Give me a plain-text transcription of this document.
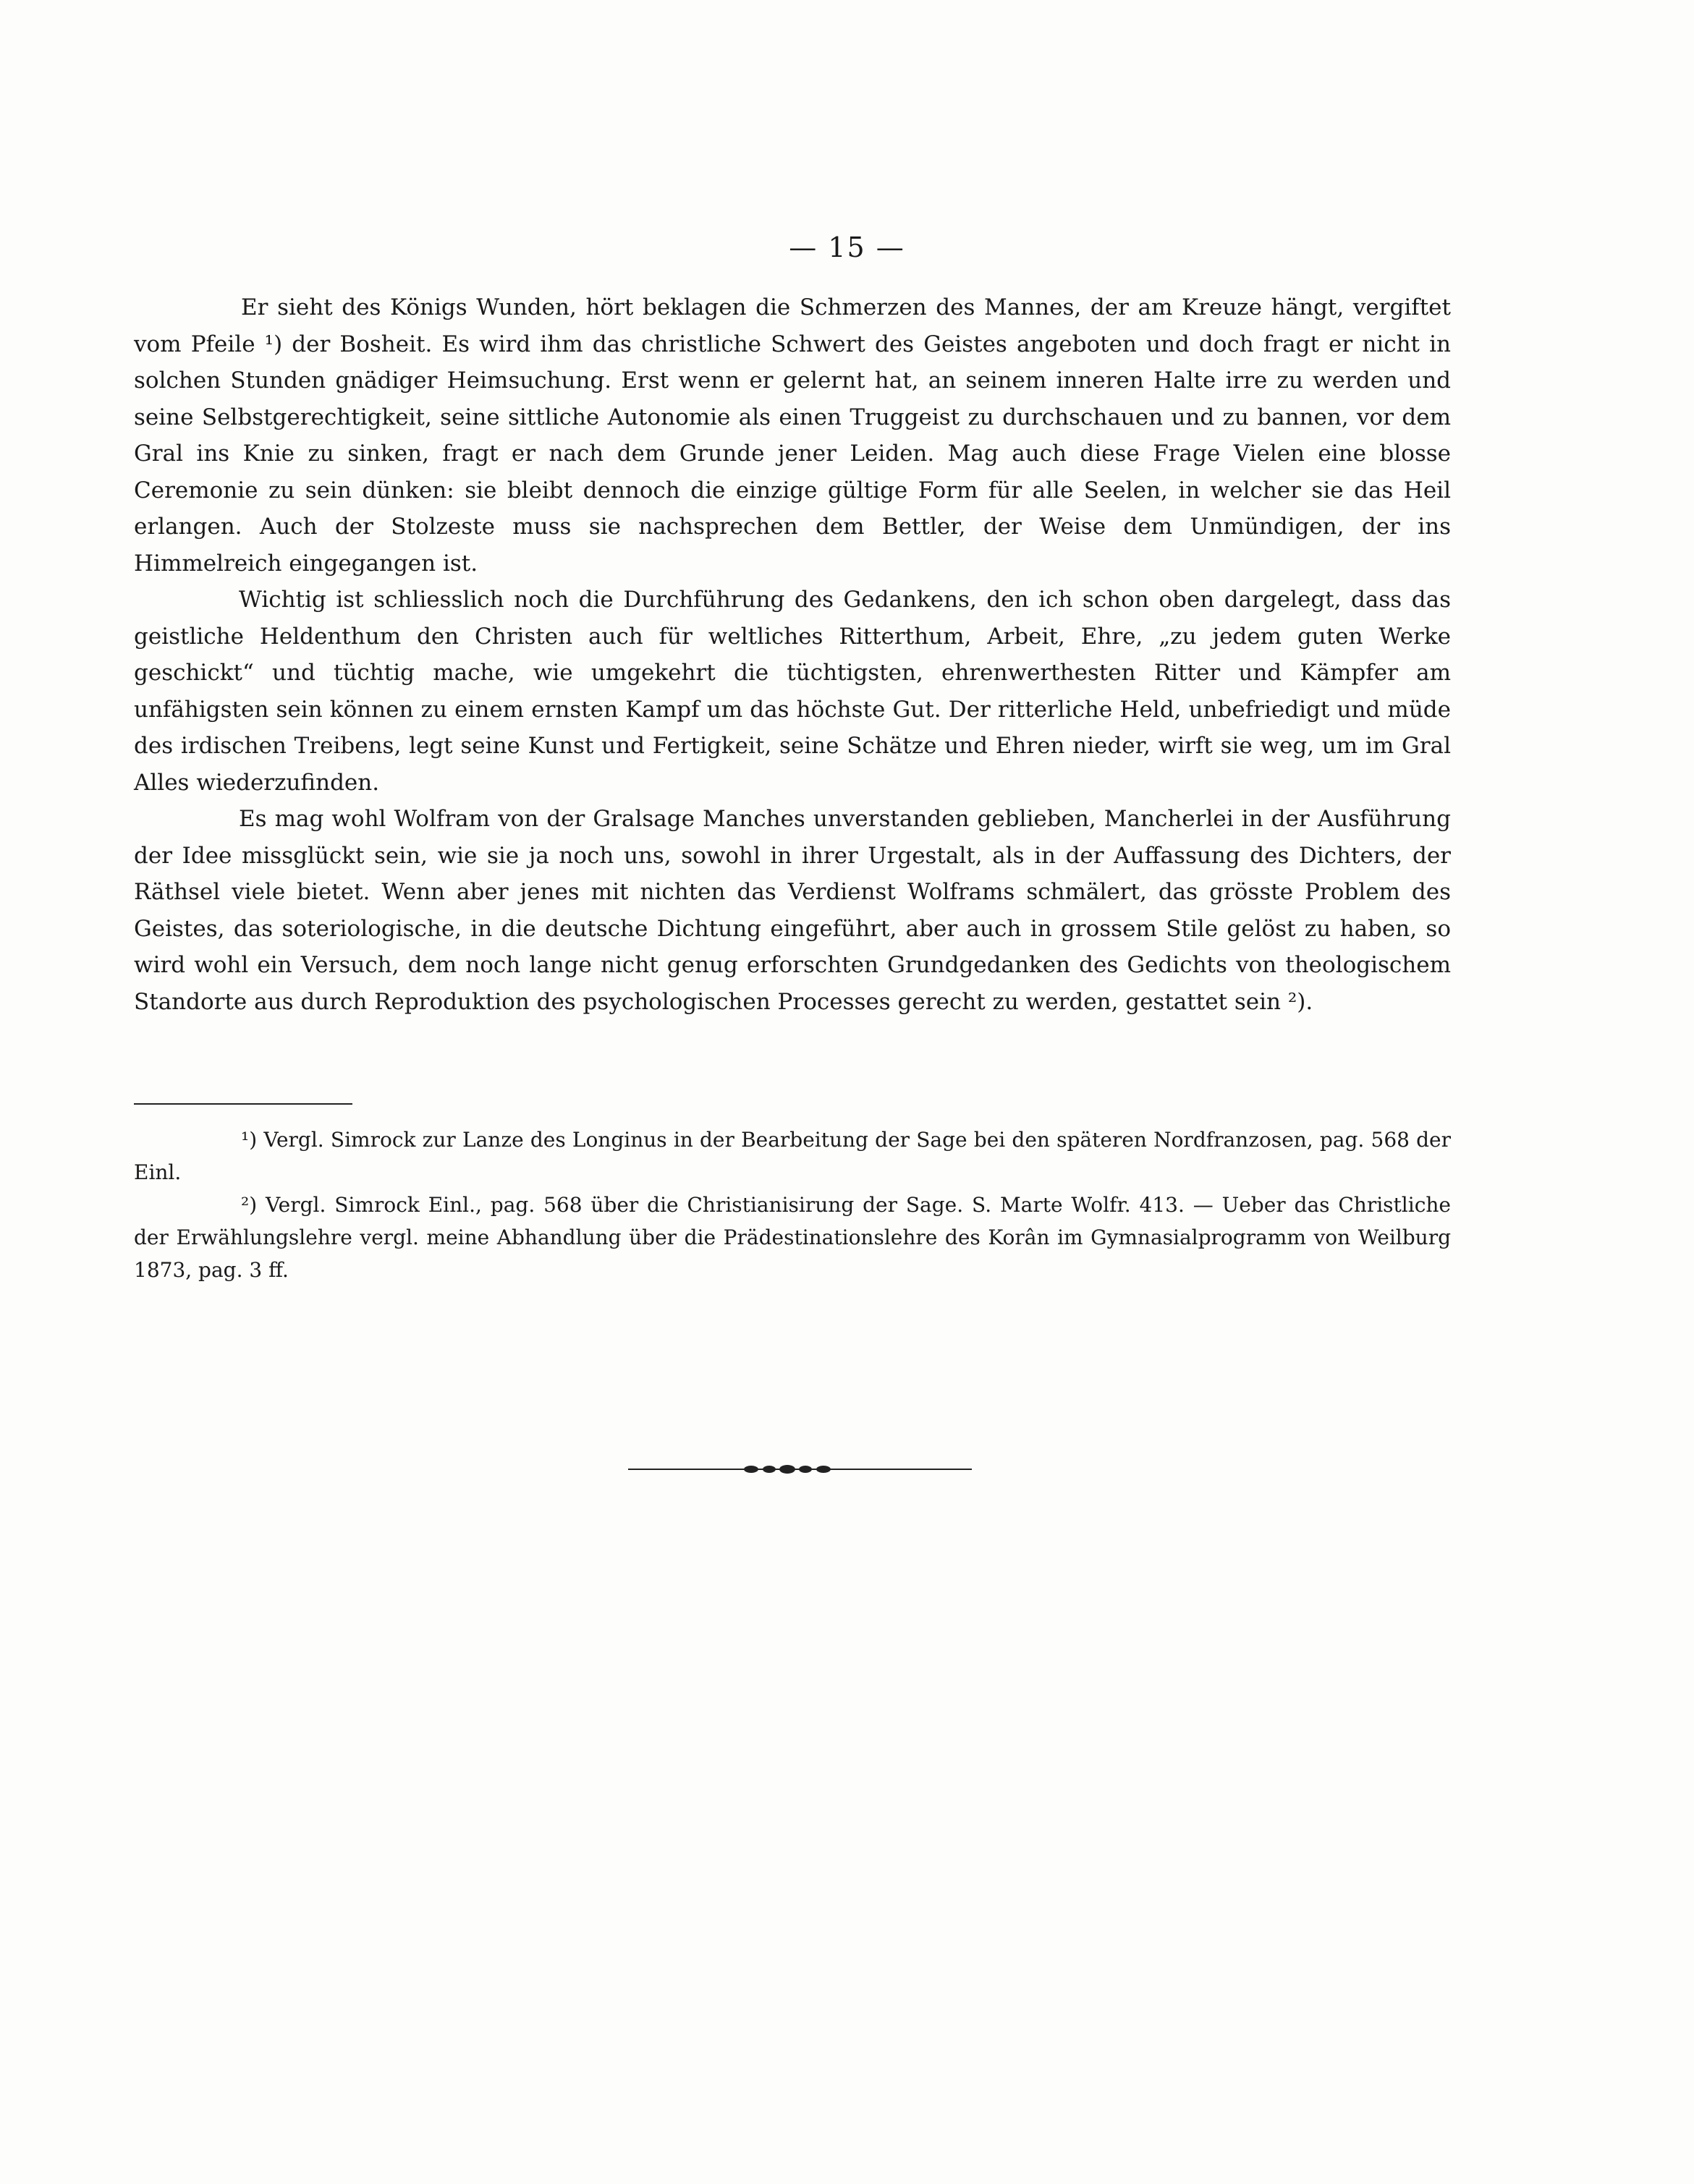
— 15 —

Er sieht des Königs Wunden, hört beklagen die Schmerzen des Mannes, der am Kreuze hängt, vergiftet vom Pfeile ¹) der Bosheit. Es wird ihm das christliche Schwert des Geistes angeboten und doch fragt er nicht in solchen Stunden gnädiger Heimsuchung. Erst wenn er gelernt hat, an seinem inneren Halte irre zu werden und seine Selbstgerechtigkeit, seine sittliche Autonomie als einen Truggeist zu durchschauen und zu bannen, vor dem Gral ins Knie zu sinken, fragt er nach dem Grunde jener Leiden. Mag auch diese Frage Vielen eine blosse Ceremonie zu sein dünken: sie bleibt dennoch die einzige gültige Form für alle Seelen, in welcher sie das Heil erlangen. Auch der Stolzeste muss sie nachsprechen dem Bettler, der Weise dem Unmündigen, der ins Himmelreich eingegangen ist.

Wichtig ist schliesslich noch die Durchführung des Gedankens, den ich schon oben dargelegt, dass das geistliche Heldenthum den Christen auch für weltliches Ritterthum, Arbeit, Ehre, „zu jedem guten Werke geschickt“ und tüchtig mache, wie umgekehrt die tüchtigsten, ehrenwerthesten Ritter und Kämpfer am unfähigsten sein können zu einem ernsten Kampf um das höchste Gut. Der ritterliche Held, unbefriedigt und müde des irdischen Treibens, legt seine Kunst und Fertigkeit, seine Schätze und Ehren nieder, wirft sie weg, um im Gral Alles wiederzufinden.

Es mag wohl Wolfram von der Gralsage Manches unverstanden geblieben, Mancherlei in der Ausführung der Idee missglückt sein, wie sie ja noch uns, sowohl in ihrer Urgestalt, als in der Auffassung des Dichters, der Räthsel viele bietet. Wenn aber jenes mit nichten das Verdienst Wolframs schmälert, das grösste Problem des Geistes, das soteriologische, in die deutsche Dichtung eingeführt, aber auch in grossem Stile gelöst zu haben, so wird wohl ein Versuch, dem noch lange nicht genug erforschten Grundgedanken des Gedichts von theologischem Standorte aus durch Reproduktion des psychologischen Processes gerecht zu werden, gestattet sein ²).

¹) Vergl. Simrock zur Lanze des Longinus in der Bearbeitung der Sage bei den späteren Nordfranzosen, pag. 568 der Einl.

²) Vergl. Simrock Einl., pag. 568 über die Christianisirung der Sage. S. Marte Wolfr. 413. — Ueber das Christliche der Erwählungslehre vergl. meine Abhandlung über die Prädestinationslehre des Korân im Gymnasialprogramm von Weilburg 1873, pag. 3 ff.
